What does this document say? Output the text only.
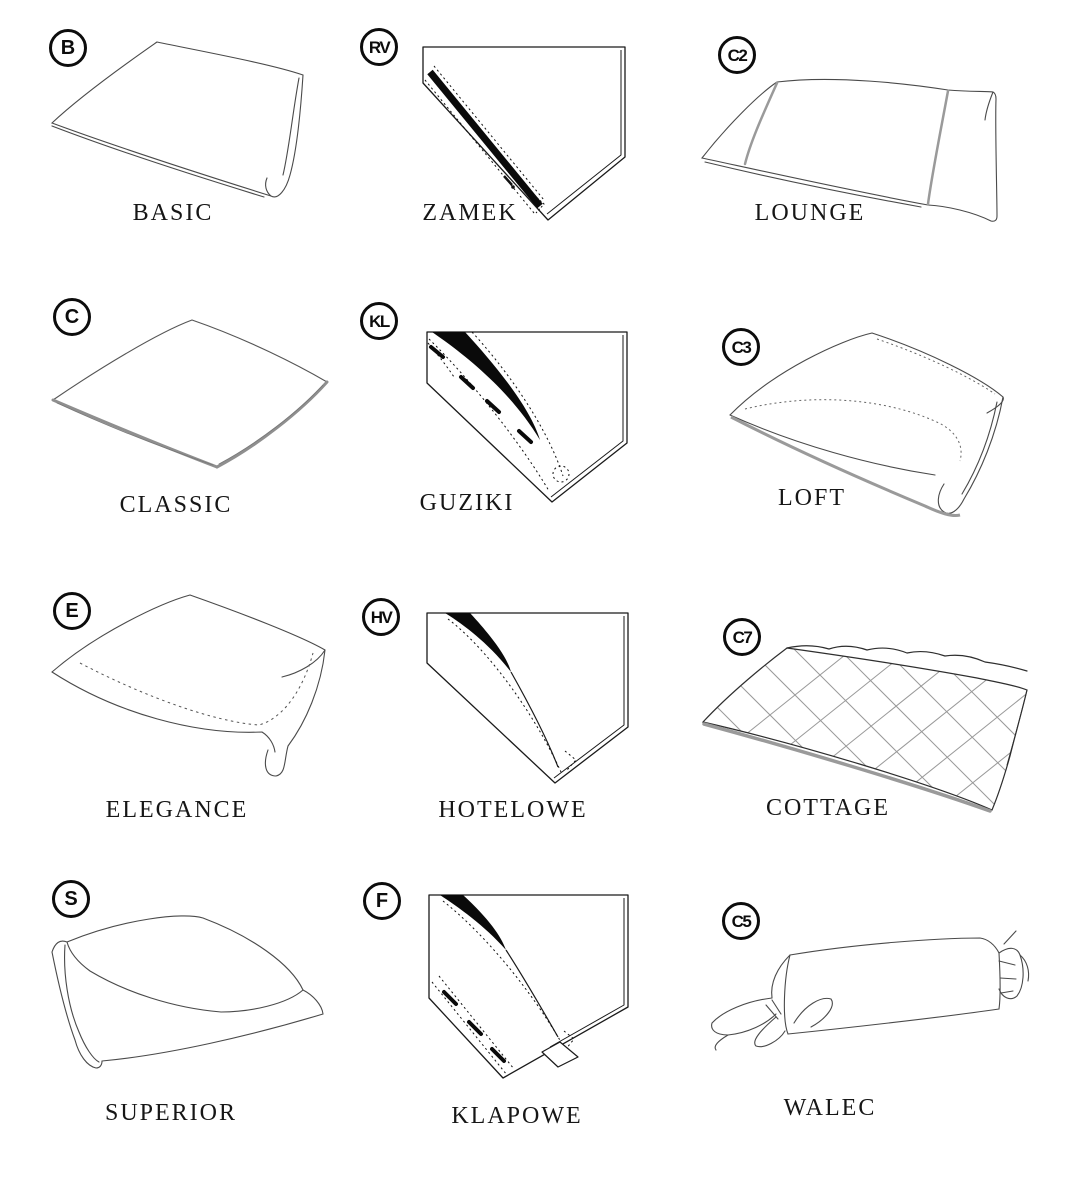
B
BASIC
RV
ZAMEK
C2
LOUNGE
C
CLASSIC
KL
GUZIKI
C3
LOFT
E
ELEGANCE
HV
HOTELOWE
C7
COTTAGE
S
SUPERIOR
F
KLAPOWE
C5
WALEC
